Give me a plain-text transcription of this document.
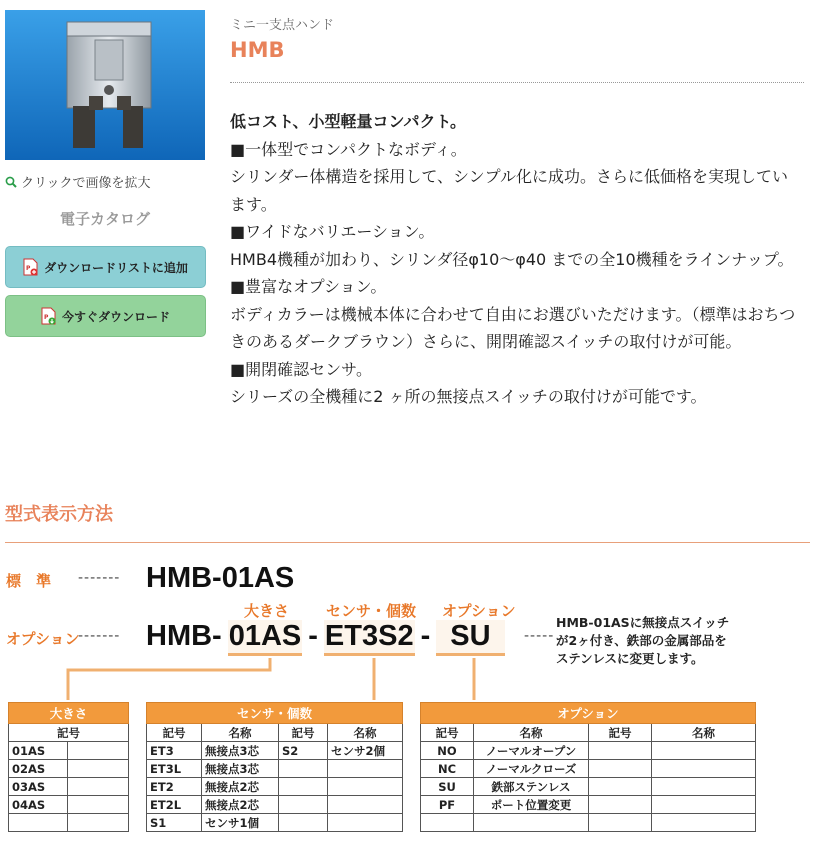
クリックで画像を拡大
電子カタログ
P ダウンロードリストに追加
P 今すぐダウンロード
ミニ一支点ハンド
HMB

低コスト、小型軽量コンパクト。

■一体型でコンパクトなボディ。

シリンダー体構造を採用して、シンプル化に成功。さらに低価格を実現しています。

■ワイドなバリエーション。

HMB4機種が加わり、シリンダ径φ10〜φ40 までの全10機種をラインナップ。

■豊富なオプション。

ボディカラーは機械本体に合わせて自由にお選びいただけます。（標準はおちつきのあるダークブラウン）さらに、開閉確認スイッチの取付けが可能。

■開閉確認センサ。

シリーズの全機種に2 ヶ所の無接点スイッチの取付けが可能です。

型式表示方法
標　準 ------- HMB-01AS
大きさ センサ・個数 オプション
オプション
------- HMB- 01AS - ET3S2 - SU	-----
HMB-01ASに無接点スイッチ
が2ヶ付き、鉄部の金属部品を
ステンレスに変更します。
大きさ	
記号	
01AS	
02AS	
03AS	
04AS	

センサ・個数			
記号	名称	記号	名称
ET3	無接点3芯	S2	センサ2個
ET3L	無接点3芯		
ET2	無接点2芯		
ET2L	無接点2芯		
S1	センサ1個		
オプション			
記号	名称	記号	名称
NO	ノーマルオープン		
NC	ノーマルクローズ		
SU	鉄部ステンレス		
PF	ポート位置変更		
